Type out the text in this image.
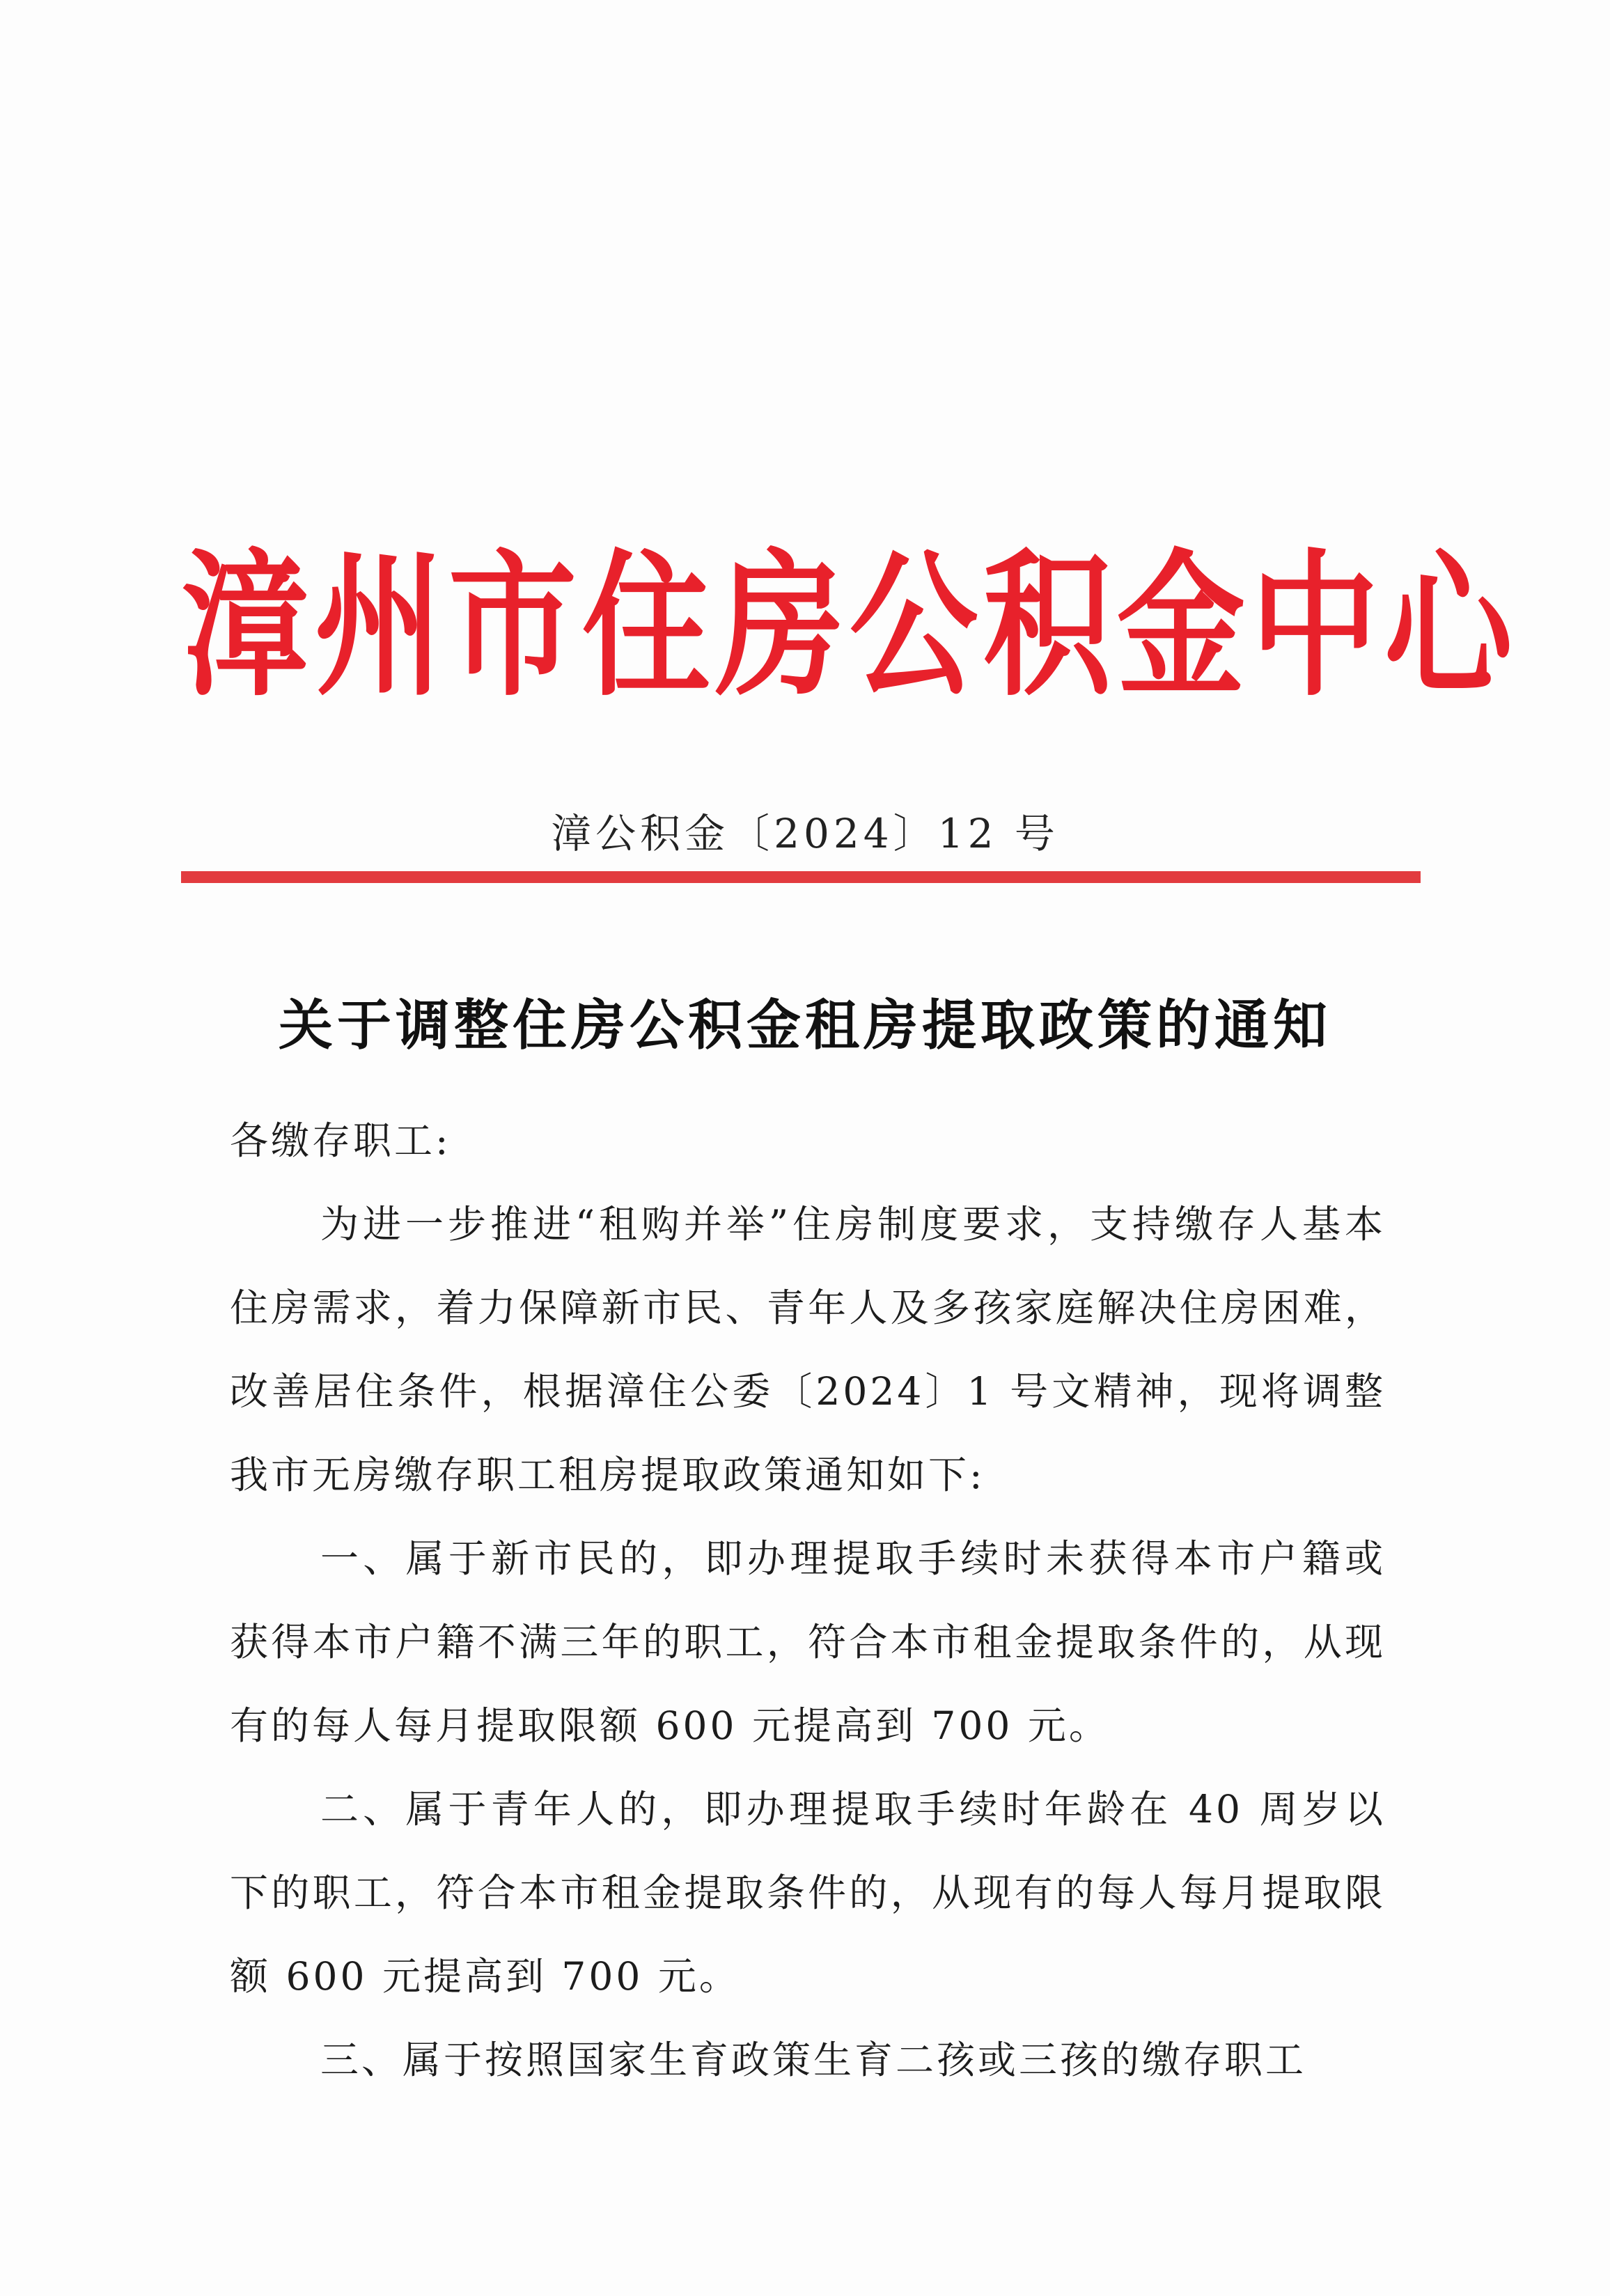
漳州市住房公积金中心
漳公积金〔2024〕12 号
关于调整住房公积金租房提取政策的通知

各缴存职工:

为进一步推进“租购并举”住房制度要求，支持缴存人基本住房需求，着力保障新市民、青年人及多孩家庭解决住房困难，改善居住条件，根据漳住公委〔2024〕1 号文精神，现将调整我市无房缴存职工租房提取政策通知如下:

一、属于新市民的，即办理提取手续时未获得本市户籍或获得本市户籍不满三年的职工，符合本市租金提取条件的，从现有的每人每月提取限额 600 元提高到 700 元。

二、属于青年人的，即办理提取手续时年龄在 40 周岁以下的职工，符合本市租金提取条件的，从现有的每人每月提取限额 600 元提高到 700 元。

三、属于按照国家生育政策生育二孩或三孩的缴存职工
